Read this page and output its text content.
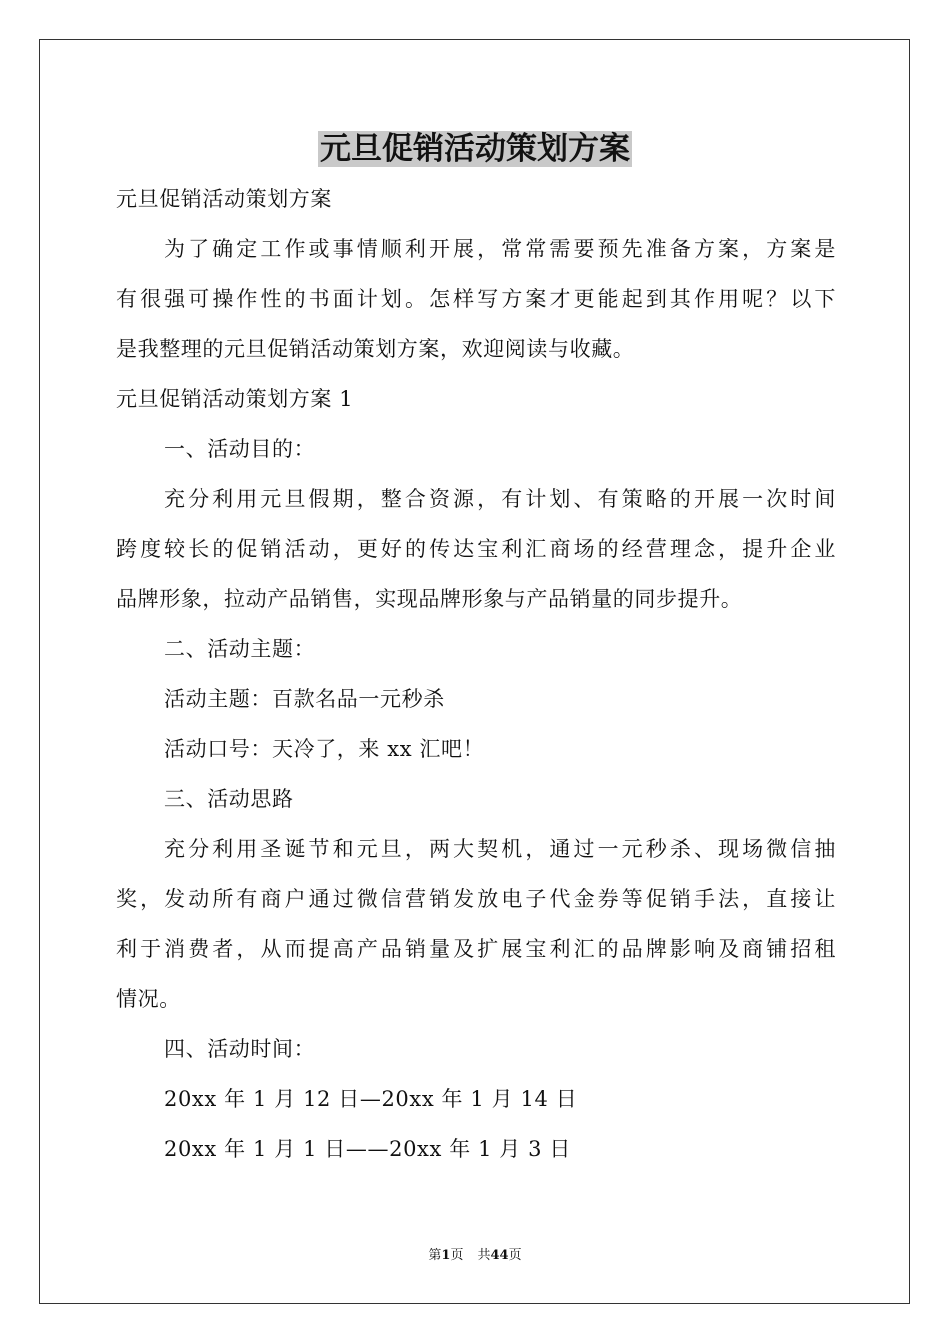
元旦促销活动策划方案
元旦促销活动策划方案
为了确定工作或事情顺利开展，常常需要预先准备方案，方案是
有很强可操作性的书面计划。怎样写方案才更能起到其作用呢？以下
是我整理的元旦促销活动策划方案，欢迎阅读与收藏。
元旦促销活动策划方案 1
一、活动目的：
充分利用元旦假期，整合资源，有计划、有策略的开展一次时间
跨度较长的促销活动，更好的传达宝利汇商场的经营理念，提升企业
品牌形象，拉动产品销售，实现品牌形象与产品销量的同步提升。
二、活动主题：
活动主题：百款名品一元秒杀
活动口号：天冷了，来 xx 汇吧！
三、活动思路
充分利用圣诞节和元旦，两大契机，通过一元秒杀、现场微信抽
奖，发动所有商户通过微信营销发放电子代金券等促销手法，直接让
利于消费者，从而提高产品销量及扩展宝利汇的品牌影响及商铺招租
情况。
四、活动时间：
20xx 年 1 月 12 日—20xx 年 1 月 14 日
20xx 年 1 月 1 日——20xx 年 1 月 3 日
第1页 共44页
